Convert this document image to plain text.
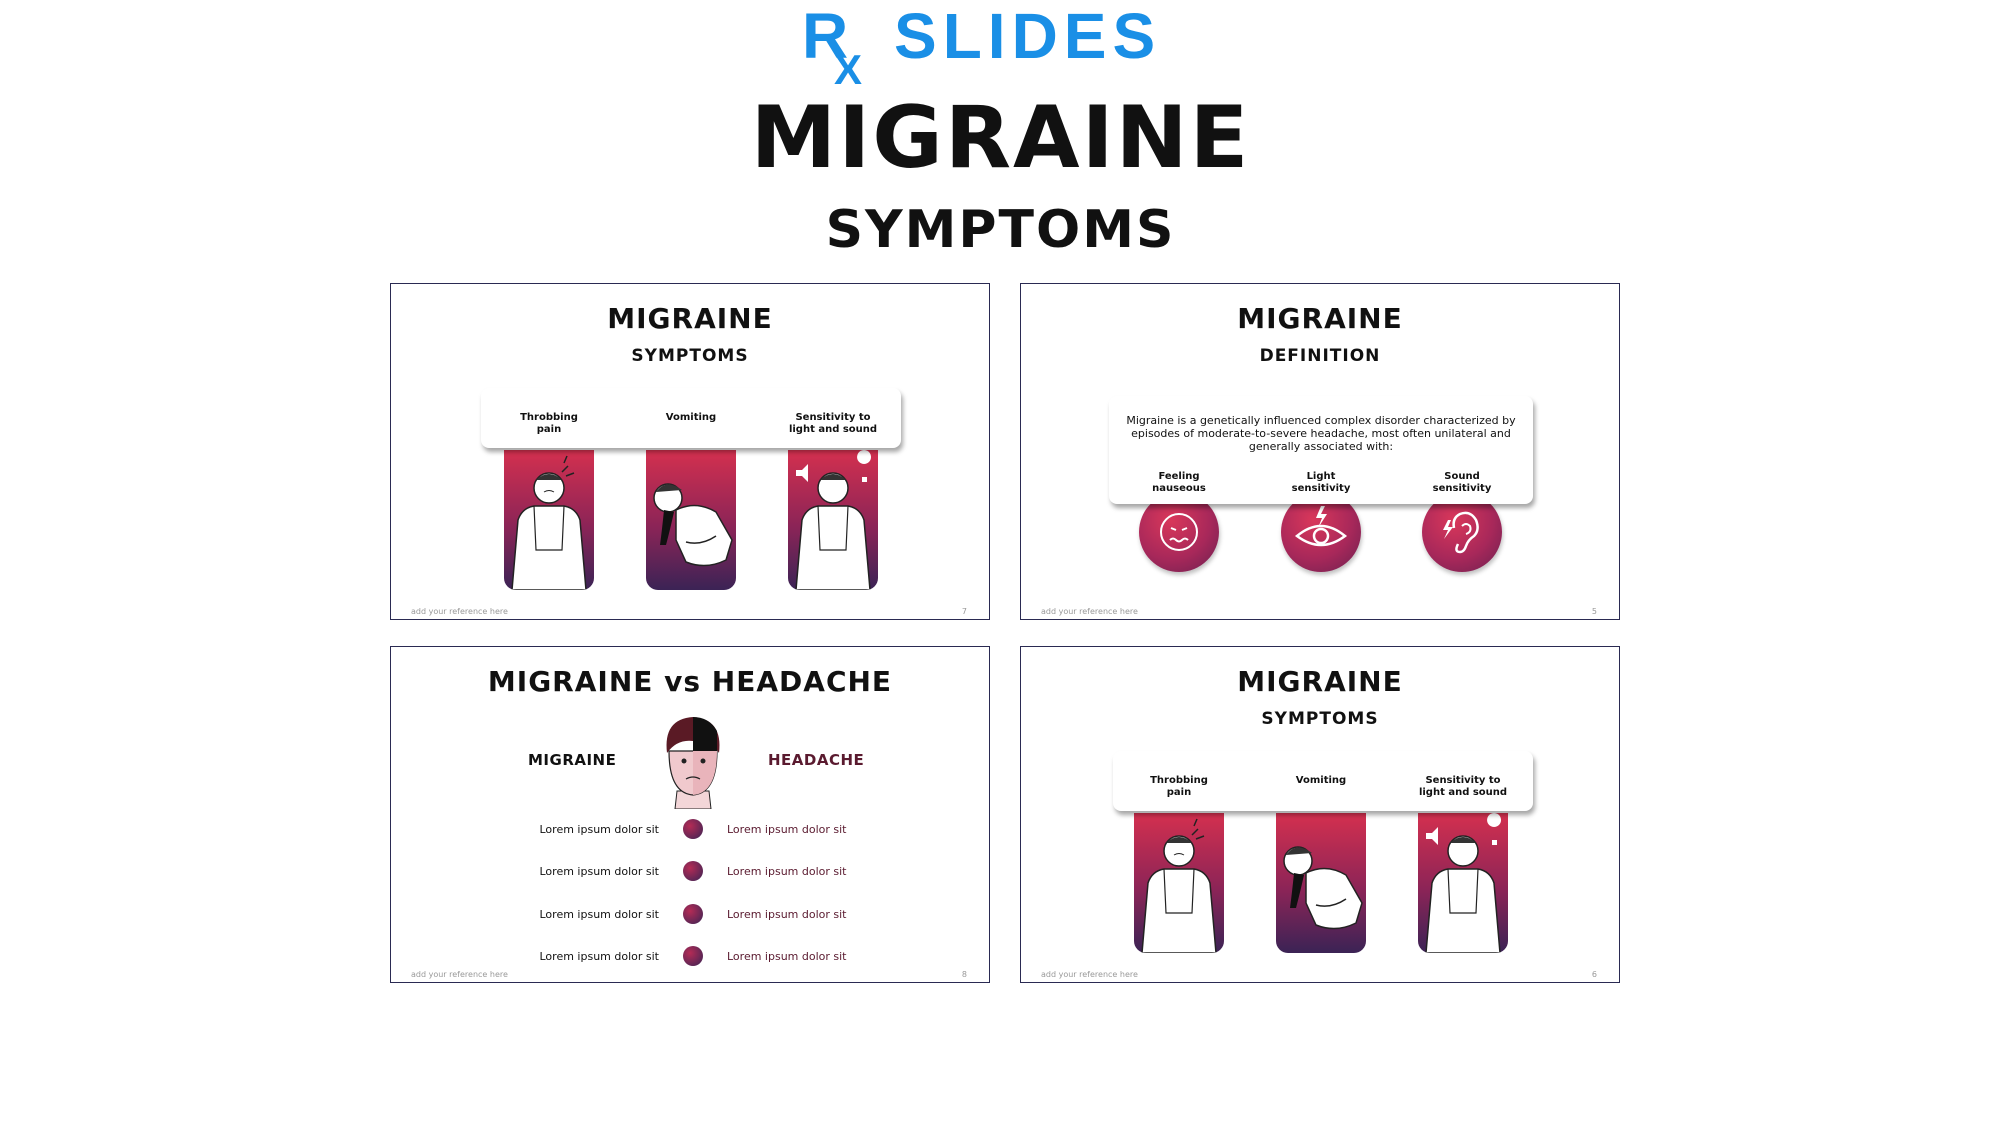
R
X SLIDES
MIGRAINE
SYMPTOMS
MIGRAINE
SYMPTOMS
Throbbing
pain
Vomiting	Sensitivity to
light and sound
add your reference here	7
MIGRAINE
DEFINITION
Migraine is a genetically influenced complex disorder characterized by episodes of moderate-to-severe headache, most often unilateral and generally associated with:
Feeling
nauseous
Light
sensitivity
Sound
sensitivity
add your reference here	5
MIGRAINE vs HEADACHE
MIGRAINE	HEADACHE
Lorem ipsum dolor sit	Lorem ipsum dolor sit
Lorem ipsum dolor sit	Lorem ipsum dolor sit
Lorem ipsum dolor sit	Lorem ipsum dolor sit
Lorem ipsum dolor sit	Lorem ipsum dolor sit
add your reference here	8
MIGRAINE
SYMPTOMS
Throbbing
pain
Vomiting	Sensitivity to
light and sound
add your reference here	6
